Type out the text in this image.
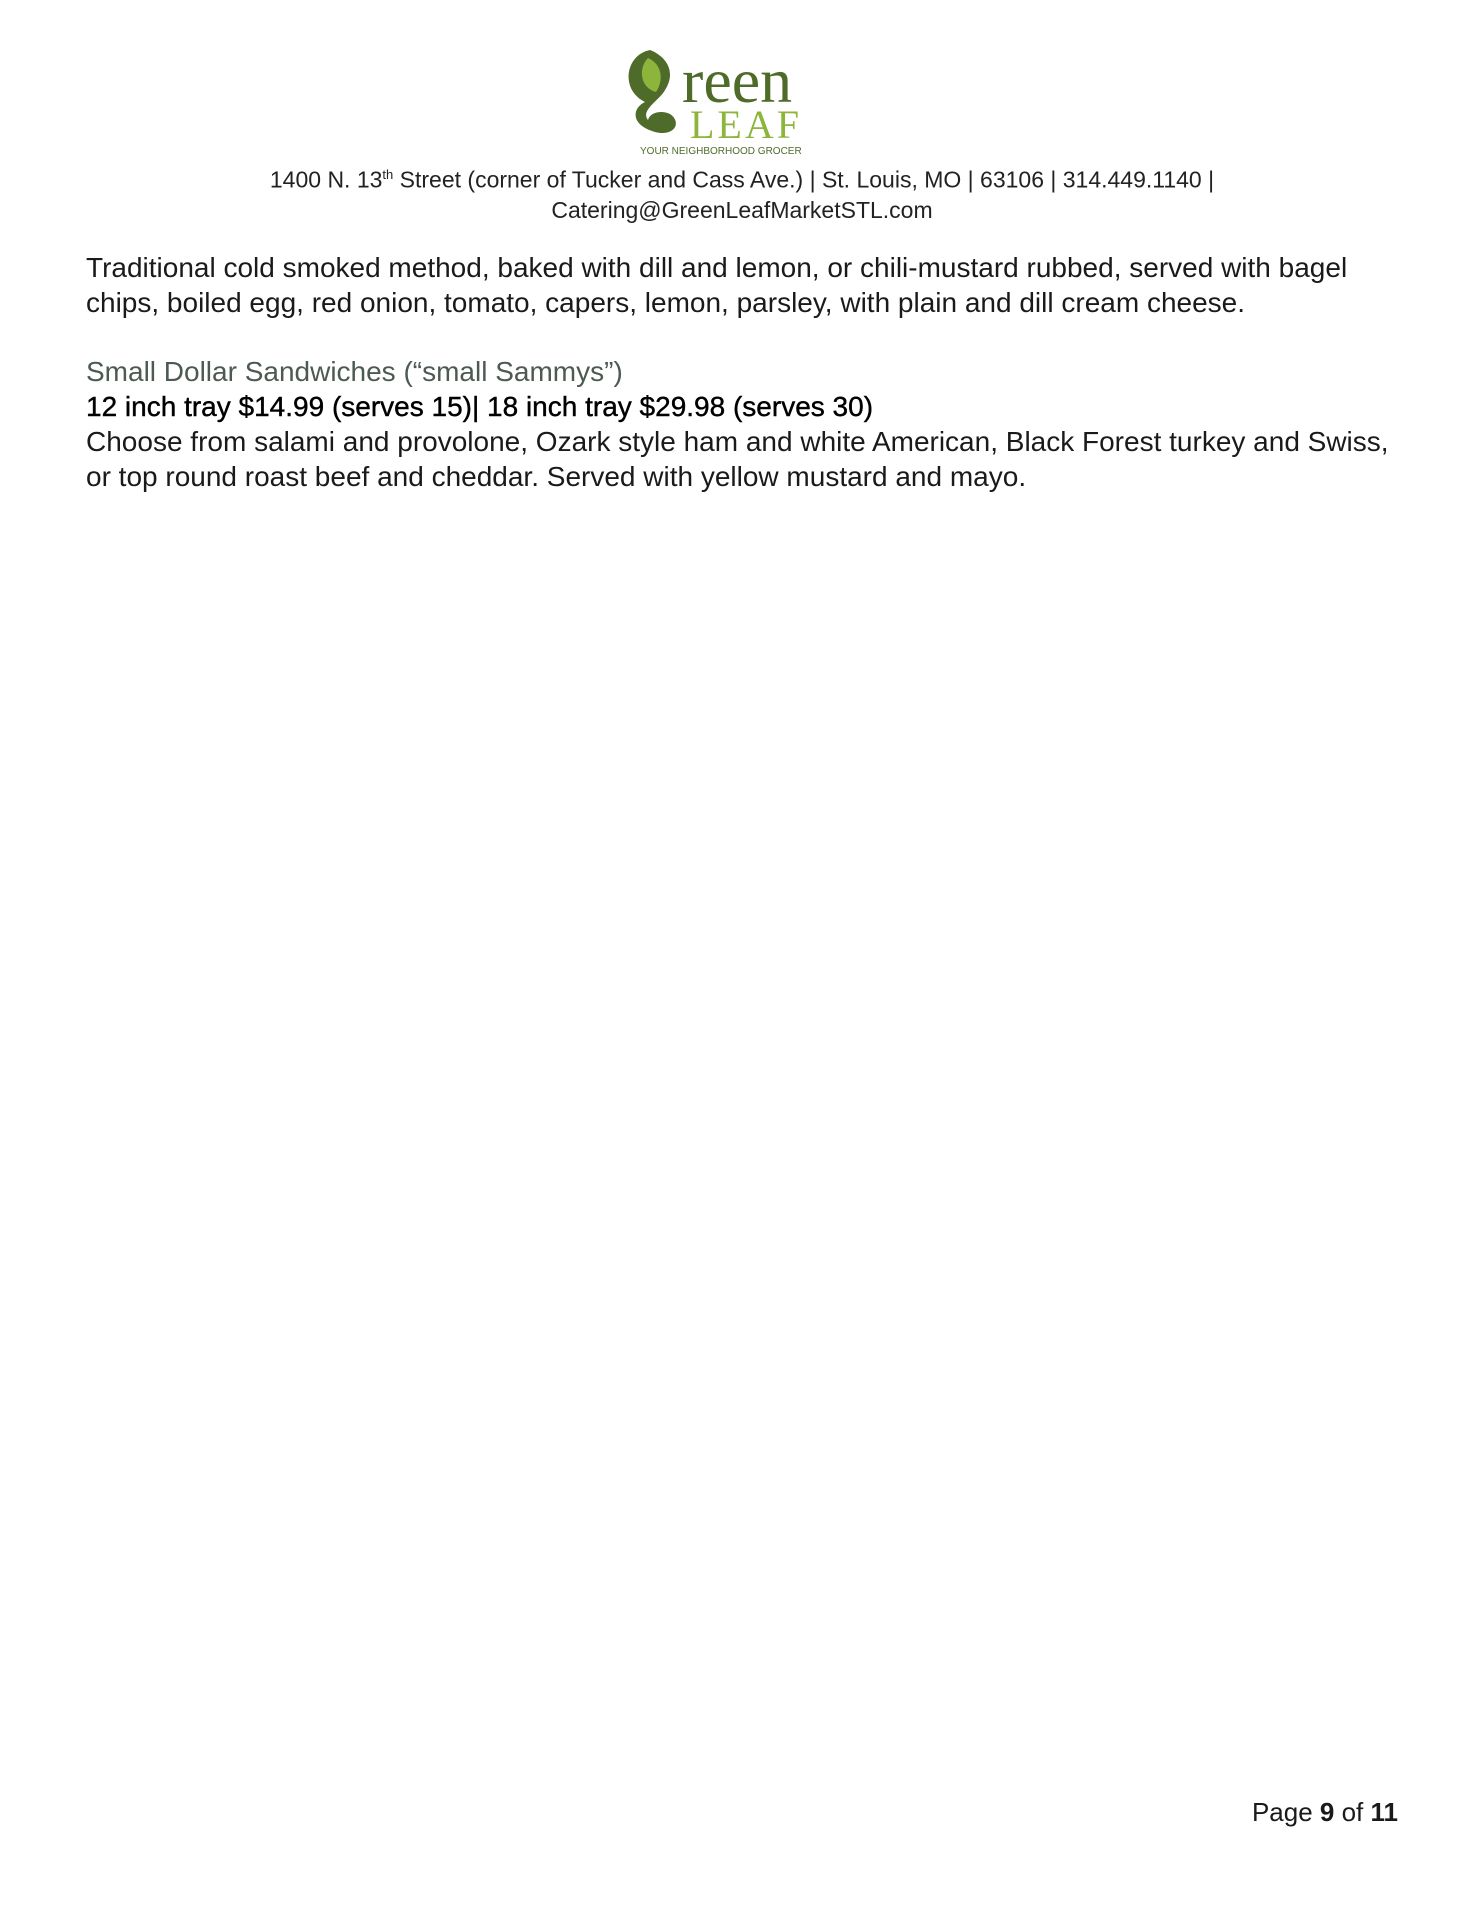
reen
LEAF
YOUR NEIGHBORHOOD GROCER
1400 N. 13th Street (corner of Tucker and Cass Ave.) | St. Louis, MO | 63106 | 314.449.1140 |
Catering@GreenLeafMarketSTL.com

Traditional cold smoked method, baked with dill and lemon, or chili-mustard rubbed, served with bagel chips, boiled egg, red onion, tomato, capers, lemon, parsley, with plain and dill cream cheese.

Small Dollar Sandwiches (“small Sammys”)

12 inch tray $14.99 (serves 15)| 18 inch tray $29.98 (serves 30)

Choose from salami and provolone, Ozark style ham and white American, Black Forest turkey and Swiss, or top round roast beef and cheddar. Served with yellow mustard and mayo.

Page 9 of 11
